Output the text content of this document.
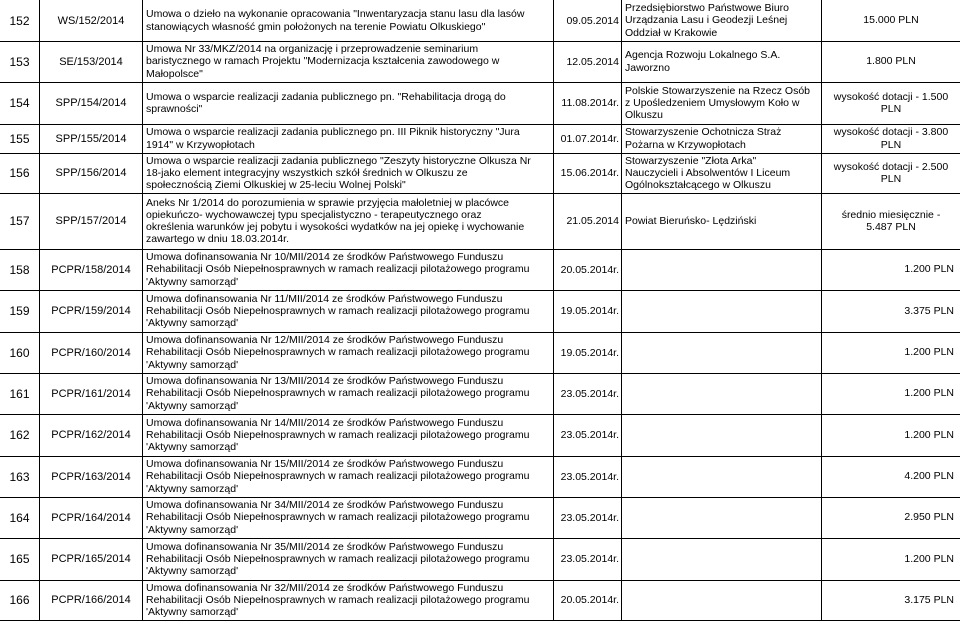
152	WS/152/2014
Umowa o dzieło na wykonanie opracowania "Inwentaryzacja stanu lasu dla lasów
stanowiących własność gmin położonych na terenie Powiatu Olkuskiego"	09.05.2014
Przedsiębiorstwo Państwowe Biuro
Urządzania Lasu i Geodezji Leśnej
Oddział w Krakowie
15.000 PLN
153	SE/153/2014
Umowa Nr 33/MKZ/2014 na organizację i przeprowadzenie seminarium
baristycznego w ramach Projektu "Modernizacja kształcenia zawodowego w
Małopolsce"
12.05.2014
Agencja Rozwoju Lokalnego S.A.
Jaworzno
1.800 PLN
154 SPP/154/2014
Umowa o wsparcie realizacji zadania publicznego pn. "Rehabilitacja drogą do
sprawności"	11.08.2014r.
Polskie Stowarzyszenie na Rzecz Osób
z Upośledzeniem Umysłowym Koło w
Olkuszu
wysokość dotacji - 1.500
PLN
155 SPP/155/2014
Umowa o wsparcie realizacji zadania publicznego pn. III Piknik historyczny "Jura
1914" w Krzywopłotach	01.07.2014r.
Stowarzyszenie Ochotnicza Straż
Pożarna w Krzywopłotach
wysokość dotacji - 3.800
PLN
156 SPP/156/2014
Umowa o wsparcie realizacji zadania publicznego "Zeszyty historyczne Olkusza Nr
18-jako element integracyjny wszystkich szkół średnich w Olkuszu ze
społecznością Ziemi Olkuskiej w 25-leciu Wolnej Polski"
15.06.2014r.
Stowarzyszenie "Złota Arka"
Nauczycieli i Absolwentów I Liceum
Ogólnokształcącego w Olkuszu
wysokość dotacji - 2.500
PLN
157 SPP/157/2014
Aneks Nr 1/2014 do porozumienia w sprawie przyjęcia małoletniej w placówce
opiekuńczo- wychowawczej typu specjalistyczno - terapeutycznego oraz
określenia warunków jej pobytu i wysokości wydatków na jej opiekę i wychowanie
zawartego w dniu 18.03.2014r.
21.05.2014 Powiat Bieruńsko- Lędziński
średnio miesięcznie -
5.487 PLN
158 PCPR/158/2014
Umowa dofinansowania Nr 10/MII/2014 ze środków Państwowego Funduszu
Rehabilitacji Osób Niepełnosprawnych w ramach realizacji pilotażowego programu
'Aktywny samorząd'
20.05.2014r.	1.200 PLN
159 PCPR/159/2014
Umowa dofinansowania Nr 11/MII/2014 ze środków Państwowego Funduszu
Rehabilitacji Osób Niepełnosprawnych w ramach realizacji pilotażowego programu
'Aktywny samorząd'
19.05.2014r.	3.375 PLN
160 PCPR/160/2014
Umowa dofinansowania Nr 12/MII/2014 ze środków Państwowego Funduszu
Rehabilitacji Osób Niepełnosprawnych w ramach realizacji pilotażowego programu
'Aktywny samorząd'
19.05.2014r.	1.200 PLN
161 PCPR/161/2014
Umowa dofinansowania Nr 13/MII/2014 ze środków Państwowego Funduszu
Rehabilitacji Osób Niepełnosprawnych w ramach realizacji pilotażowego programu
'Aktywny samorząd'
23.05.2014r.	1.200 PLN
162 PCPR/162/2014
Umowa dofinansowania Nr 14/MII/2014 ze środków Państwowego Funduszu
Rehabilitacji Osób Niepełnosprawnych w ramach realizacji pilotażowego programu
'Aktywny samorząd'
23.05.2014r.	1.200 PLN
163 PCPR/163/2014
Umowa dofinansowania Nr 15/MII/2014 ze środków Państwowego Funduszu
Rehabilitacji Osób Niepełnosprawnych w ramach realizacji pilotażowego programu
'Aktywny samorząd'
23.05.2014r.	4.200 PLN
164 PCPR/164/2014
Umowa dofinansowania Nr 34/MII/2014 ze środków Państwowego Funduszu
Rehabilitacji Osób Niepełnosprawnych w ramach realizacji pilotażowego programu
'Aktywny samorząd'
23.05.2014r.	2.950 PLN
165 PCPR/165/2014
Umowa dofinansowania Nr 35/MII/2014 ze środków Państwowego Funduszu
Rehabilitacji Osób Niepełnosprawnych w ramach realizacji pilotażowego programu
'Aktywny samorząd'
23.05.2014r.	1.200 PLN
166 PCPR/166/2014
Umowa dofinansowania Nr 32/MII/2014 ze środków Państwowego Funduszu
Rehabilitacji Osób Niepełnosprawnych w ramach realizacji pilotażowego programu
'Aktywny samorząd'
20.05.2014r.	3.175 PLN
